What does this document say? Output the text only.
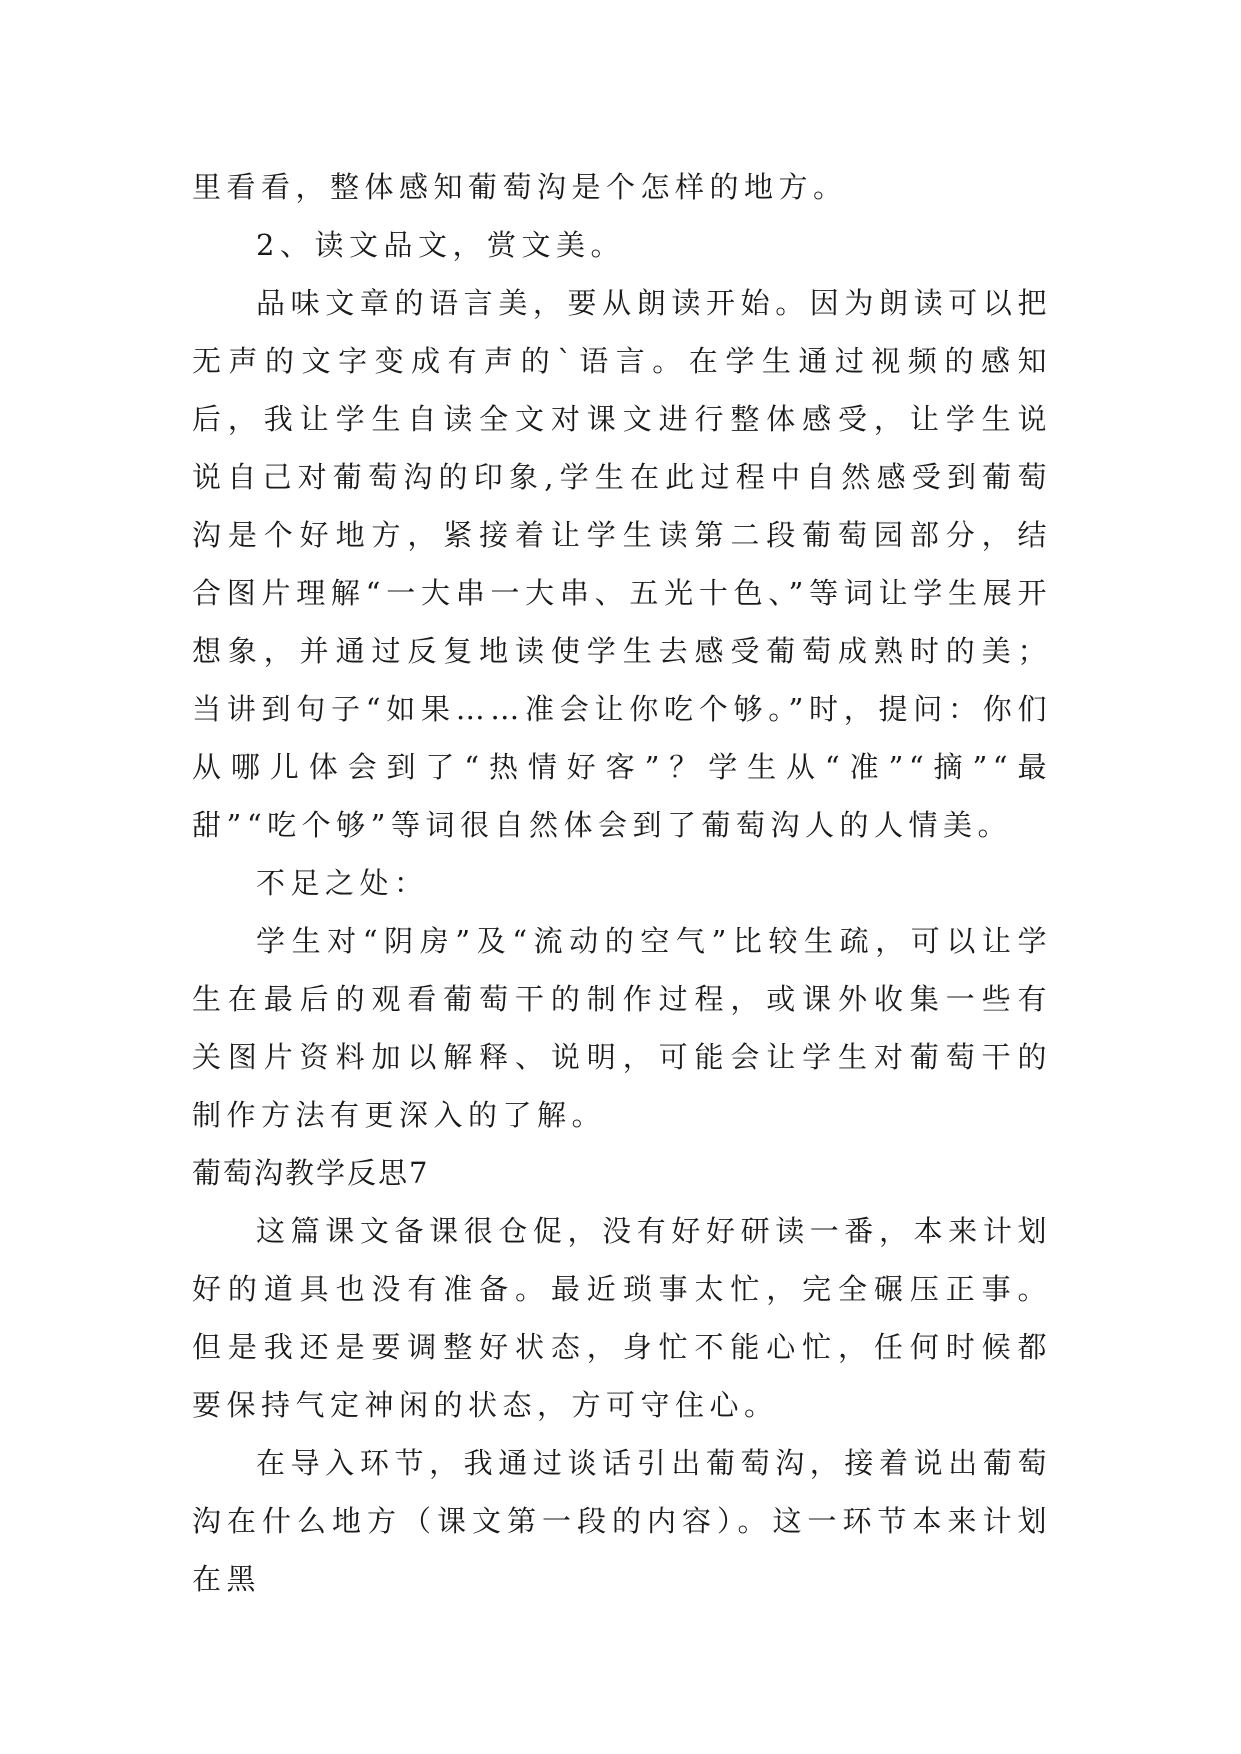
里看看，整体感知葡萄沟是个怎样的地方。

2、读文品文，赏文美。

品味文章的语言美，要从朗读开始。因为朗读可以把无声的文字变成有声的`语言。在学生通过视频的感知后，我让学生自读全文对课文进行整体感受，让学生说说自己对葡萄沟的印象,学生在此过程中自然感受到葡萄沟是个好地方，紧接着让学生读第二段葡萄园部分，结合图片理解“一大串一大串、五光十色、”等词让学生展开想象，并通过反复地读使学生去感受葡萄成熟时的美；当讲到句子“如果……准会让你吃个够。”时，提问：你们从哪儿体会到了“热情好客”？学生从“准”“摘”“最甜”“吃个够”等词很自然体会到了葡萄沟人的人情美。

不足之处：

学生对“阴房”及“流动的空气”比较生疏，可以让学生在最后的观看葡萄干的制作过程，或课外收集一些有关图片资料加以解释、说明，可能会让学生对葡萄干的制作方法有更深入的了解。

葡萄沟教学反思7

这篇课文备课很仓促，没有好好研读一番，本来计划好的道具也没有准备。最近琐事太忙，完全碾压正事。但是我还是要调整好状态，身忙不能心忙，任何时候都要保持气定神闲的状态，方可守住心。

在导入环节，我通过谈话引出葡萄沟，接着说出葡萄沟在什么地方（课文第一段的内容）。这一环节本来计划在黑
